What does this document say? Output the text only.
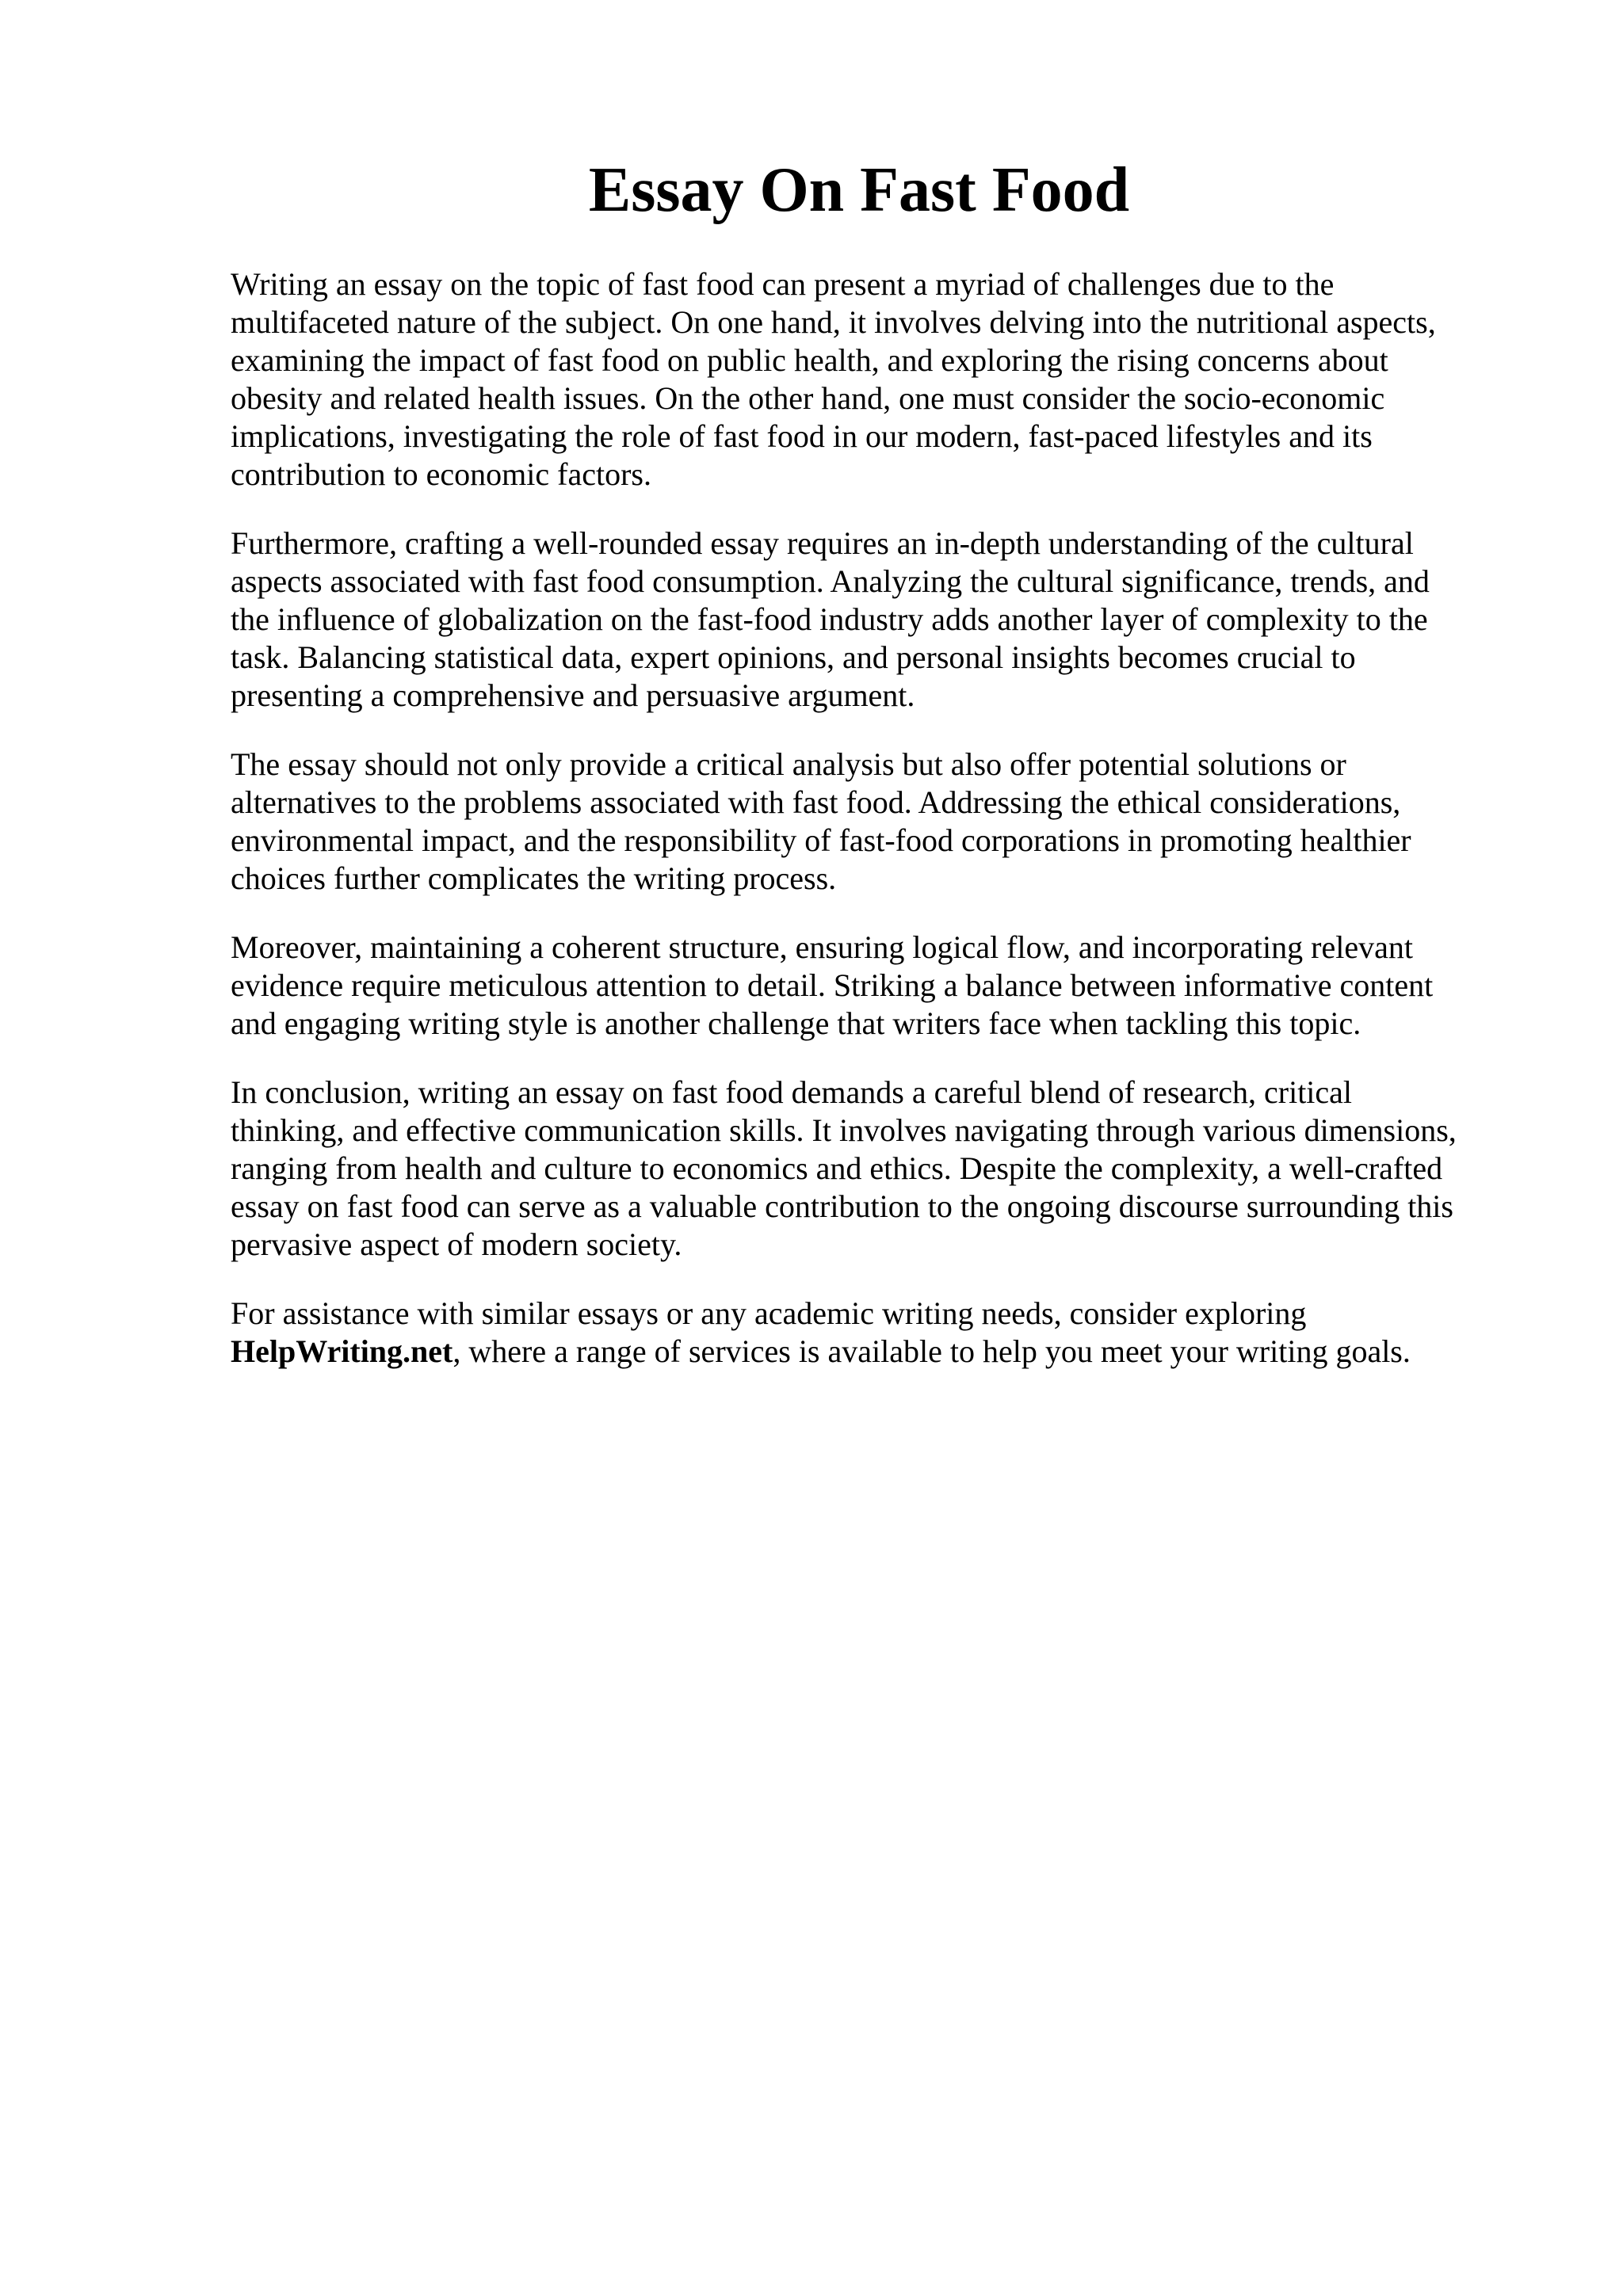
Essay On Fast Food

Writing an essay on the topic of fast food can present a myriad of challenges due to the
multifaceted nature of the subject. On one hand, it involves delving into the nutritional aspects,
examining the impact of fast food on public health, and exploring the rising concerns about
obesity and related health issues. On the other hand, one must consider the socio-economic
implications, investigating the role of fast food in our modern, fast-paced lifestyles and its
contribution to economic factors.

Furthermore, crafting a well-rounded essay requires an in-depth understanding of the cultural
aspects associated with fast food consumption. Analyzing the cultural significance, trends, and
the influence of globalization on the fast-food industry adds another layer of complexity to the
task. Balancing statistical data, expert opinions, and personal insights becomes crucial to
presenting a comprehensive and persuasive argument.

The essay should not only provide a critical analysis but also offer potential solutions or
alternatives to the problems associated with fast food. Addressing the ethical considerations,
environmental impact, and the responsibility of fast-food corporations in promoting healthier
choices further complicates the writing process.

Moreover, maintaining a coherent structure, ensuring logical flow, and incorporating relevant
evidence require meticulous attention to detail. Striking a balance between informative content
and engaging writing style is another challenge that writers face when tackling this topic.

In conclusion, writing an essay on fast food demands a careful blend of research, critical
thinking, and effective communication skills. It involves navigating through various dimensions,
ranging from health and culture to economics and ethics. Despite the complexity, a well-crafted
essay on fast food can serve as a valuable contribution to the ongoing discourse surrounding this
pervasive aspect of modern society.

For assistance with similar essays or any academic writing needs, consider exploring
HelpWriting.net, where a range of services is available to help you meet your writing goals.
